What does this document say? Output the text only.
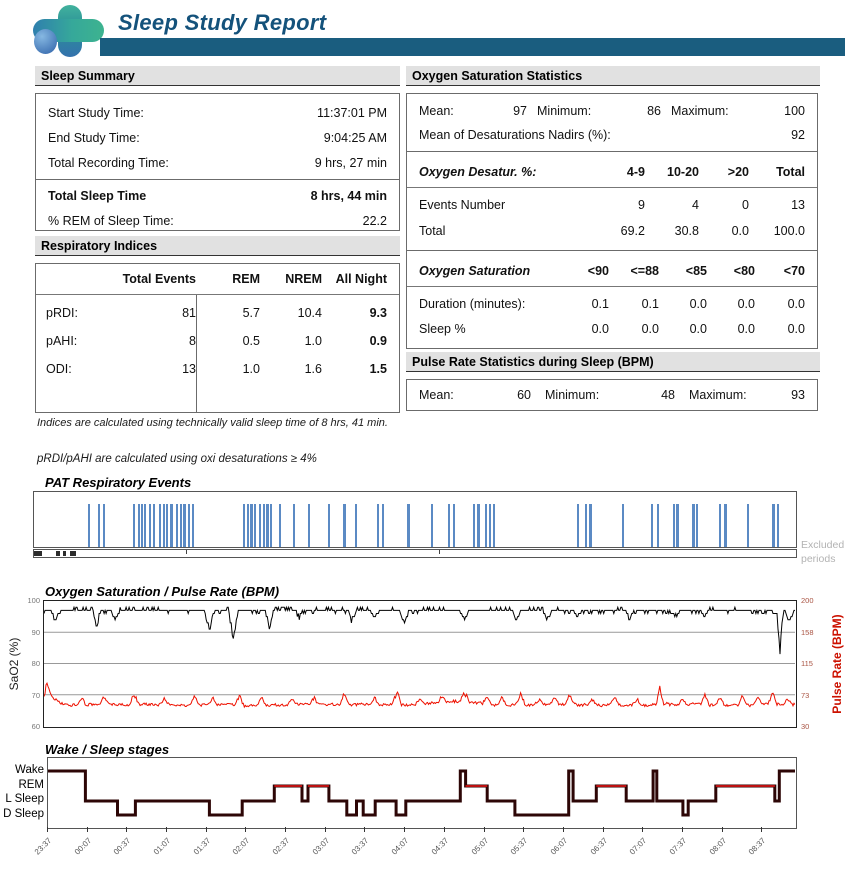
Sleep Study Report
Sleep Summary
Start Study Time:	11:37:01 PM
End Study Time:	9:04:25 AM
Total Recording Time:	9 hrs, 27 min
Total Sleep Time	8 hrs, 44 min
% REM of Sleep Time:	22.2
Respiratory Indices
Total Events	REM	NREM	All Night
pRDI:	81	5.7	10.4	9.3
pAHI:	8	0.5	1.0	0.9
ODI:	13	1.0	1.6	1.5
Indices are calculated using technically valid sleep time of 8 hrs, 41 min.
pRDI/pAHI are calculated using oxi desaturations ≥ 4%
Oxygen Saturation Statistics
Mean:	97 Minimum:	86 Maximum:	100
Mean of Desaturations Nadirs (%):	92
Oxygen Desatur. %:	4-9	10-20	>20	Total
Events Number	9	4	0	13
Total	69.2	30.8	0.0	100.0
Oxygen Saturation	<90	<=88	<85	<80	<70
Duration (minutes):	0.1	0.1	0.0	0.0	0.0
Sleep %	0.0	0.0	0.0	0.0	0.0
Pulse Rate Statistics during Sleep (BPM)
Mean:	60	Minimum:	48	Maximum:	93
PAT Respiratory Events
Excluded
periods
Oxygen Saturation / Pulse Rate (BPM)
SaO2 (%)	Pulse Rate (BPM)
100
90
80
70
60
200
158
115
73
30
Wake / Sleep stages
Wake
REM
L Sleep
D Sleep
23:37	00:07	00:37	01:07	01:37	02:07	02:37	03:07	03:37	04:07	04:37	05:07	05:37	06:07	06:37	07:07	07:37	08:07	08:37
